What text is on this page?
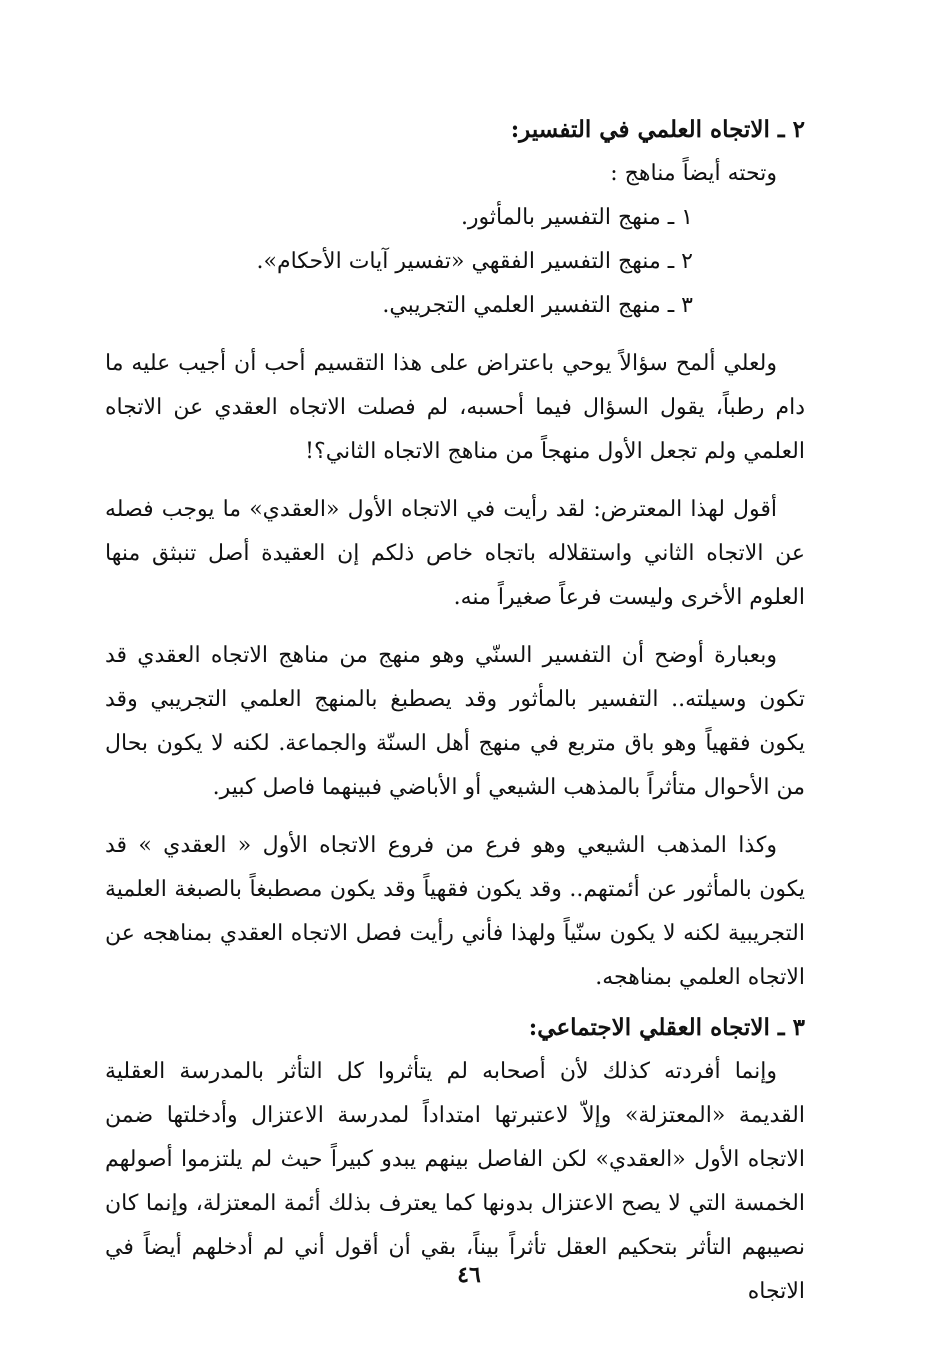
٢ ـ الاتجاه العلمي في التفسير:

وتحته أيضاً مناهج :

١ ـ منهج التفسير بالمأثور.

٢ ـ منهج التفسير الفقهي «تفسير آيات الأحكام».

٣ ـ منهج التفسير العلمي التجريبي.

ولعلي ألمح سؤالاً يوحي باعتراض على هذا التقسيم أحب أن أجيب عليه ما دام رطباً، يقول السؤال فيما أحسبه، لم فصلت الاتجاه العقدي عن الاتجاه العلمي ولم تجعل الأول منهجاً من مناهج الاتجاه الثاني؟!

أقول لهذا المعترض: لقد رأيت في الاتجاه الأول «العقدي» ما يوجب فصله عن الاتجاه الثاني واستقلاله باتجاه خاص ذلكم إن العقيدة أصل تنبثق منها العلوم الأخرى وليست فرعاً صغيراً منه.

وبعبارة أوضح أن التفسير السنّي وهو منهج من مناهج الاتجاه العقدي قد تكون وسيلته.. التفسير بالمأثور وقد يصطبغ بالمنهج العلمي التجريبي وقد يكون فقهياً وهو باق متربع في منهج أهل السنّة والجماعة. لكنه لا يكون بحال من الأحوال متأثراً بالمذهب الشيعي أو الأباضي فبينهما فاصل كبير.

وكذا المذهب الشيعي وهو فرع من فروع الاتجاه الأول « العقدي » قد يكون بالمأثور عن أئمتهم.. وقد يكون فقهياً وقد يكون مصطبغاً بالصبغة العلمية التجريبية لكنه لا يكون سنّياً ولهذا فأني رأيت فصل الاتجاه العقدي بمناهجه عن الاتجاه العلمي بمناهجه.

٣ ـ الاتجاه العقلي الاجتماعي:

وإنما أفردته كذلك لأن أصحابه لم يتأثروا كل التأثر بالمدرسة العقلية القديمة «المعتزلة» وإلاّ لاعتبرتها امتداداً لمدرسة الاعتزال وأدخلتها ضمن الاتجاه الأول «العقدي» لكن الفاصل بينهم يبدو كبيراً حيث لم يلتزموا أصولهم الخمسة التي لا يصح الاعتزال بدونها كما يعترف بذلك أئمة المعتزلة، وإنما كان نصيبهم التأثر بتحكيم العقل تأثراً بيناً، بقي أن أقول أني لم أدخلهم أيضاً في الاتجاه

٤٦
